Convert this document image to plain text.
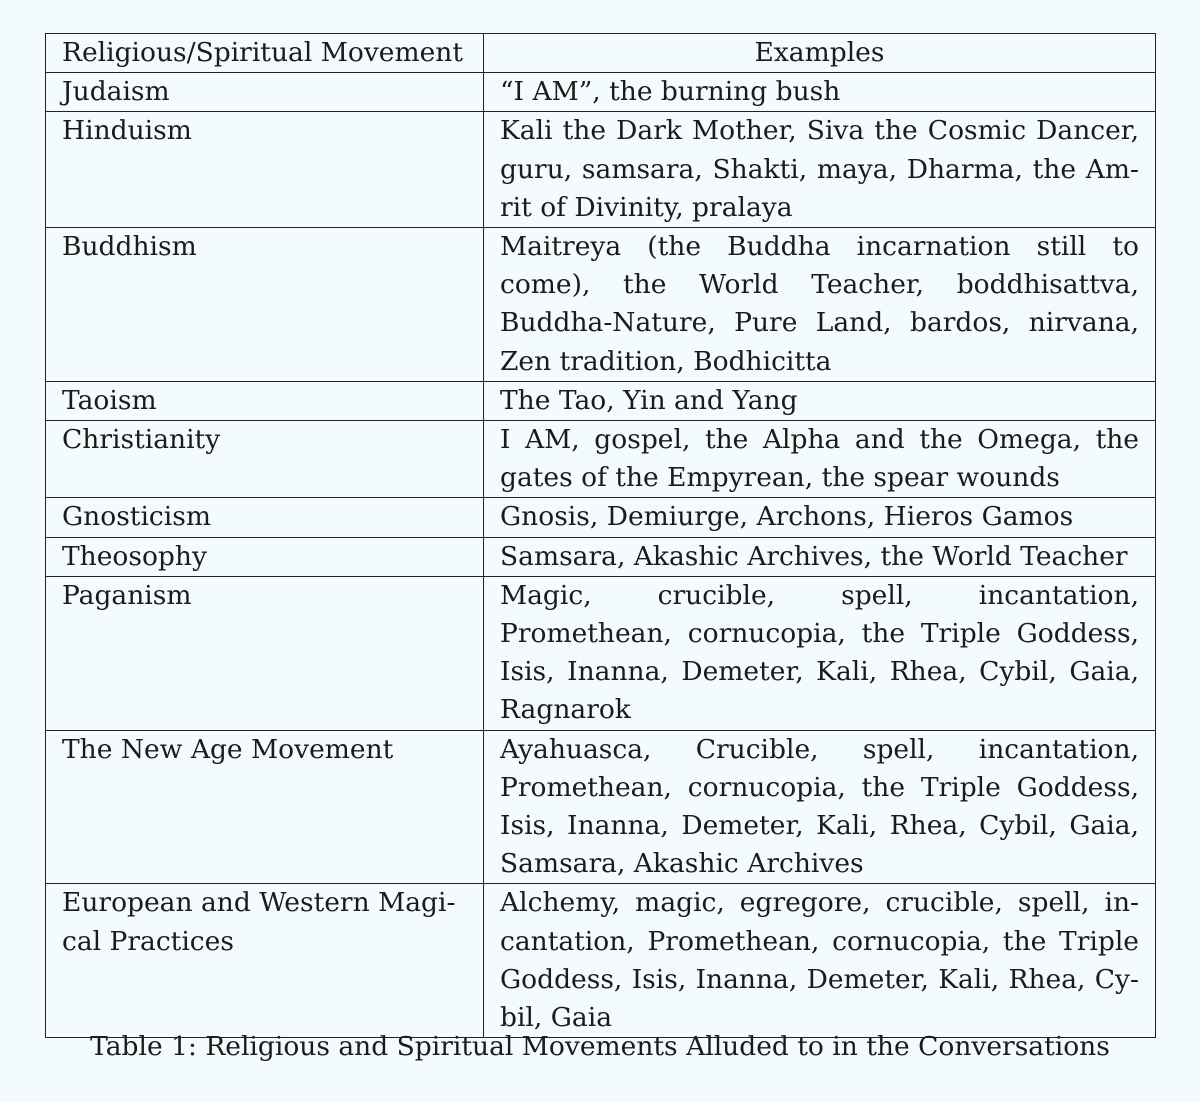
Religious/Spiritual Movement	Examples
Judaism	“I AM”, the burning bush
Hinduism	Kali the Dark Mother, Siva the Cosmic Dancer, guru, samsara, Shakti, maya, Dharma, the Amrit of Divinity, pralaya
Buddhism	Maitreya (the Buddha incarnation still to come), the World Teacher, boddhisattva, Buddha-Nature, Pure Land, bardos, nirvana, Zen tradition, Bodhicitta
Taoism	The Tao, Yin and Yang
Christianity	I AM, gospel, the Alpha and the Omega, the gates of the Empyrean, the spear wounds
Gnosticism	Gnosis, Demiurge, Archons, Hieros Gamos
Theosophy	Samsara, Akashic Archives, the World Teacher
Paganism	Magic, crucible, spell, incantation, Promethean, cornucopia, the Triple Goddess, Isis, Inanna, Demeter, Kali, Rhea, Cybil, Gaia, Ragnarok
The New Age Movement	Ayahuasca, Crucible, spell, incantation, Promethean, cornucopia, the Triple Goddess, Isis, Inanna, Demeter, Kali, Rhea, Cybil, Gaia, Samsara, Akashic Archives
European and Western Magical Practices	Alchemy, magic, egregore, crucible, spell, incantation, Promethean, cornucopia, the Triple Goddess, Isis, Inanna, Demeter, Kali, Rhea, Cybil, Gaia
Table 1: Religious and Spiritual Movements Alluded to in the Conversations
